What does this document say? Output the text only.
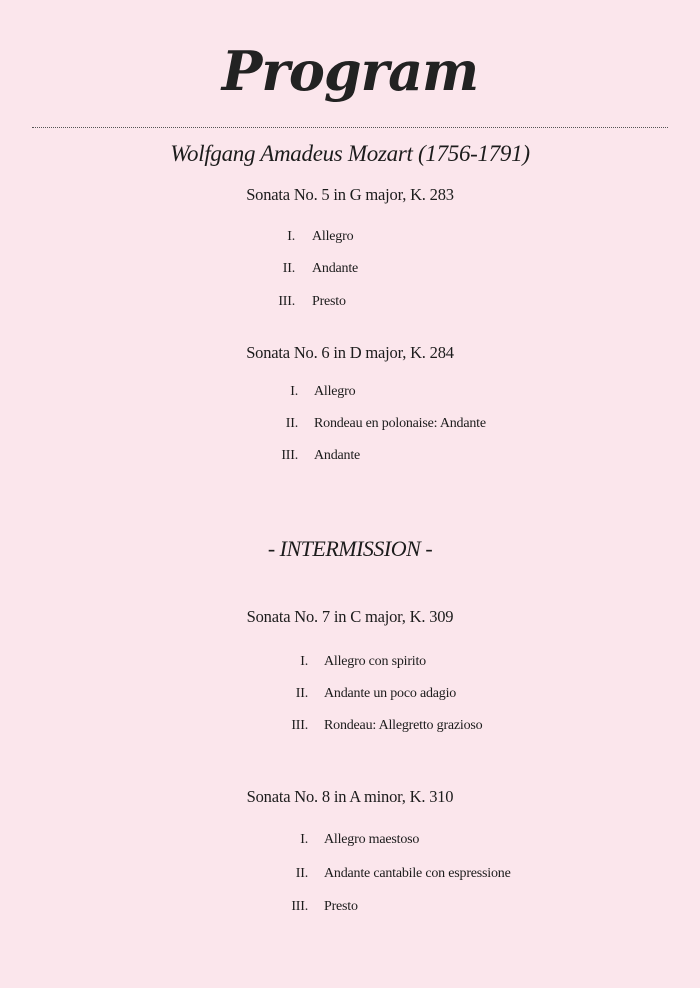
Program
Wolfgang Amadeus Mozart (1756-1791)
Sonata No. 5 in G major, K. 283
I. Allegro
II. Andante
III. Presto
Sonata No. 6 in D major, K. 284
I. Allegro
II. Rondeau en polonaise: Andante
III. Andante
- INTERMISSION -
Sonata No. 7 in C major, K. 309
I. Allegro con spirito
II. Andante un poco adagio
III. Rondeau: Allegretto grazioso
Sonata No. 8 in A minor, K. 310
I. Allegro maestoso
II. Andante cantabile con espressione
III. Presto
